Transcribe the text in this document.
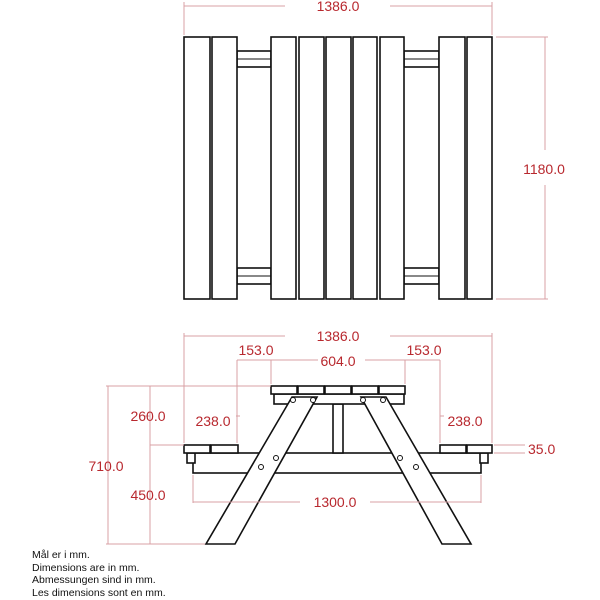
1386.0
1180.0
1386.0
153.0
604.0
153.0
238.0	238.0
35.0
260.0
710.0
450.0	1300.0
Mål er i mm.
Dimensions are in mm.
Abmessungen sind in mm.
Les dimensions sont en mm.
